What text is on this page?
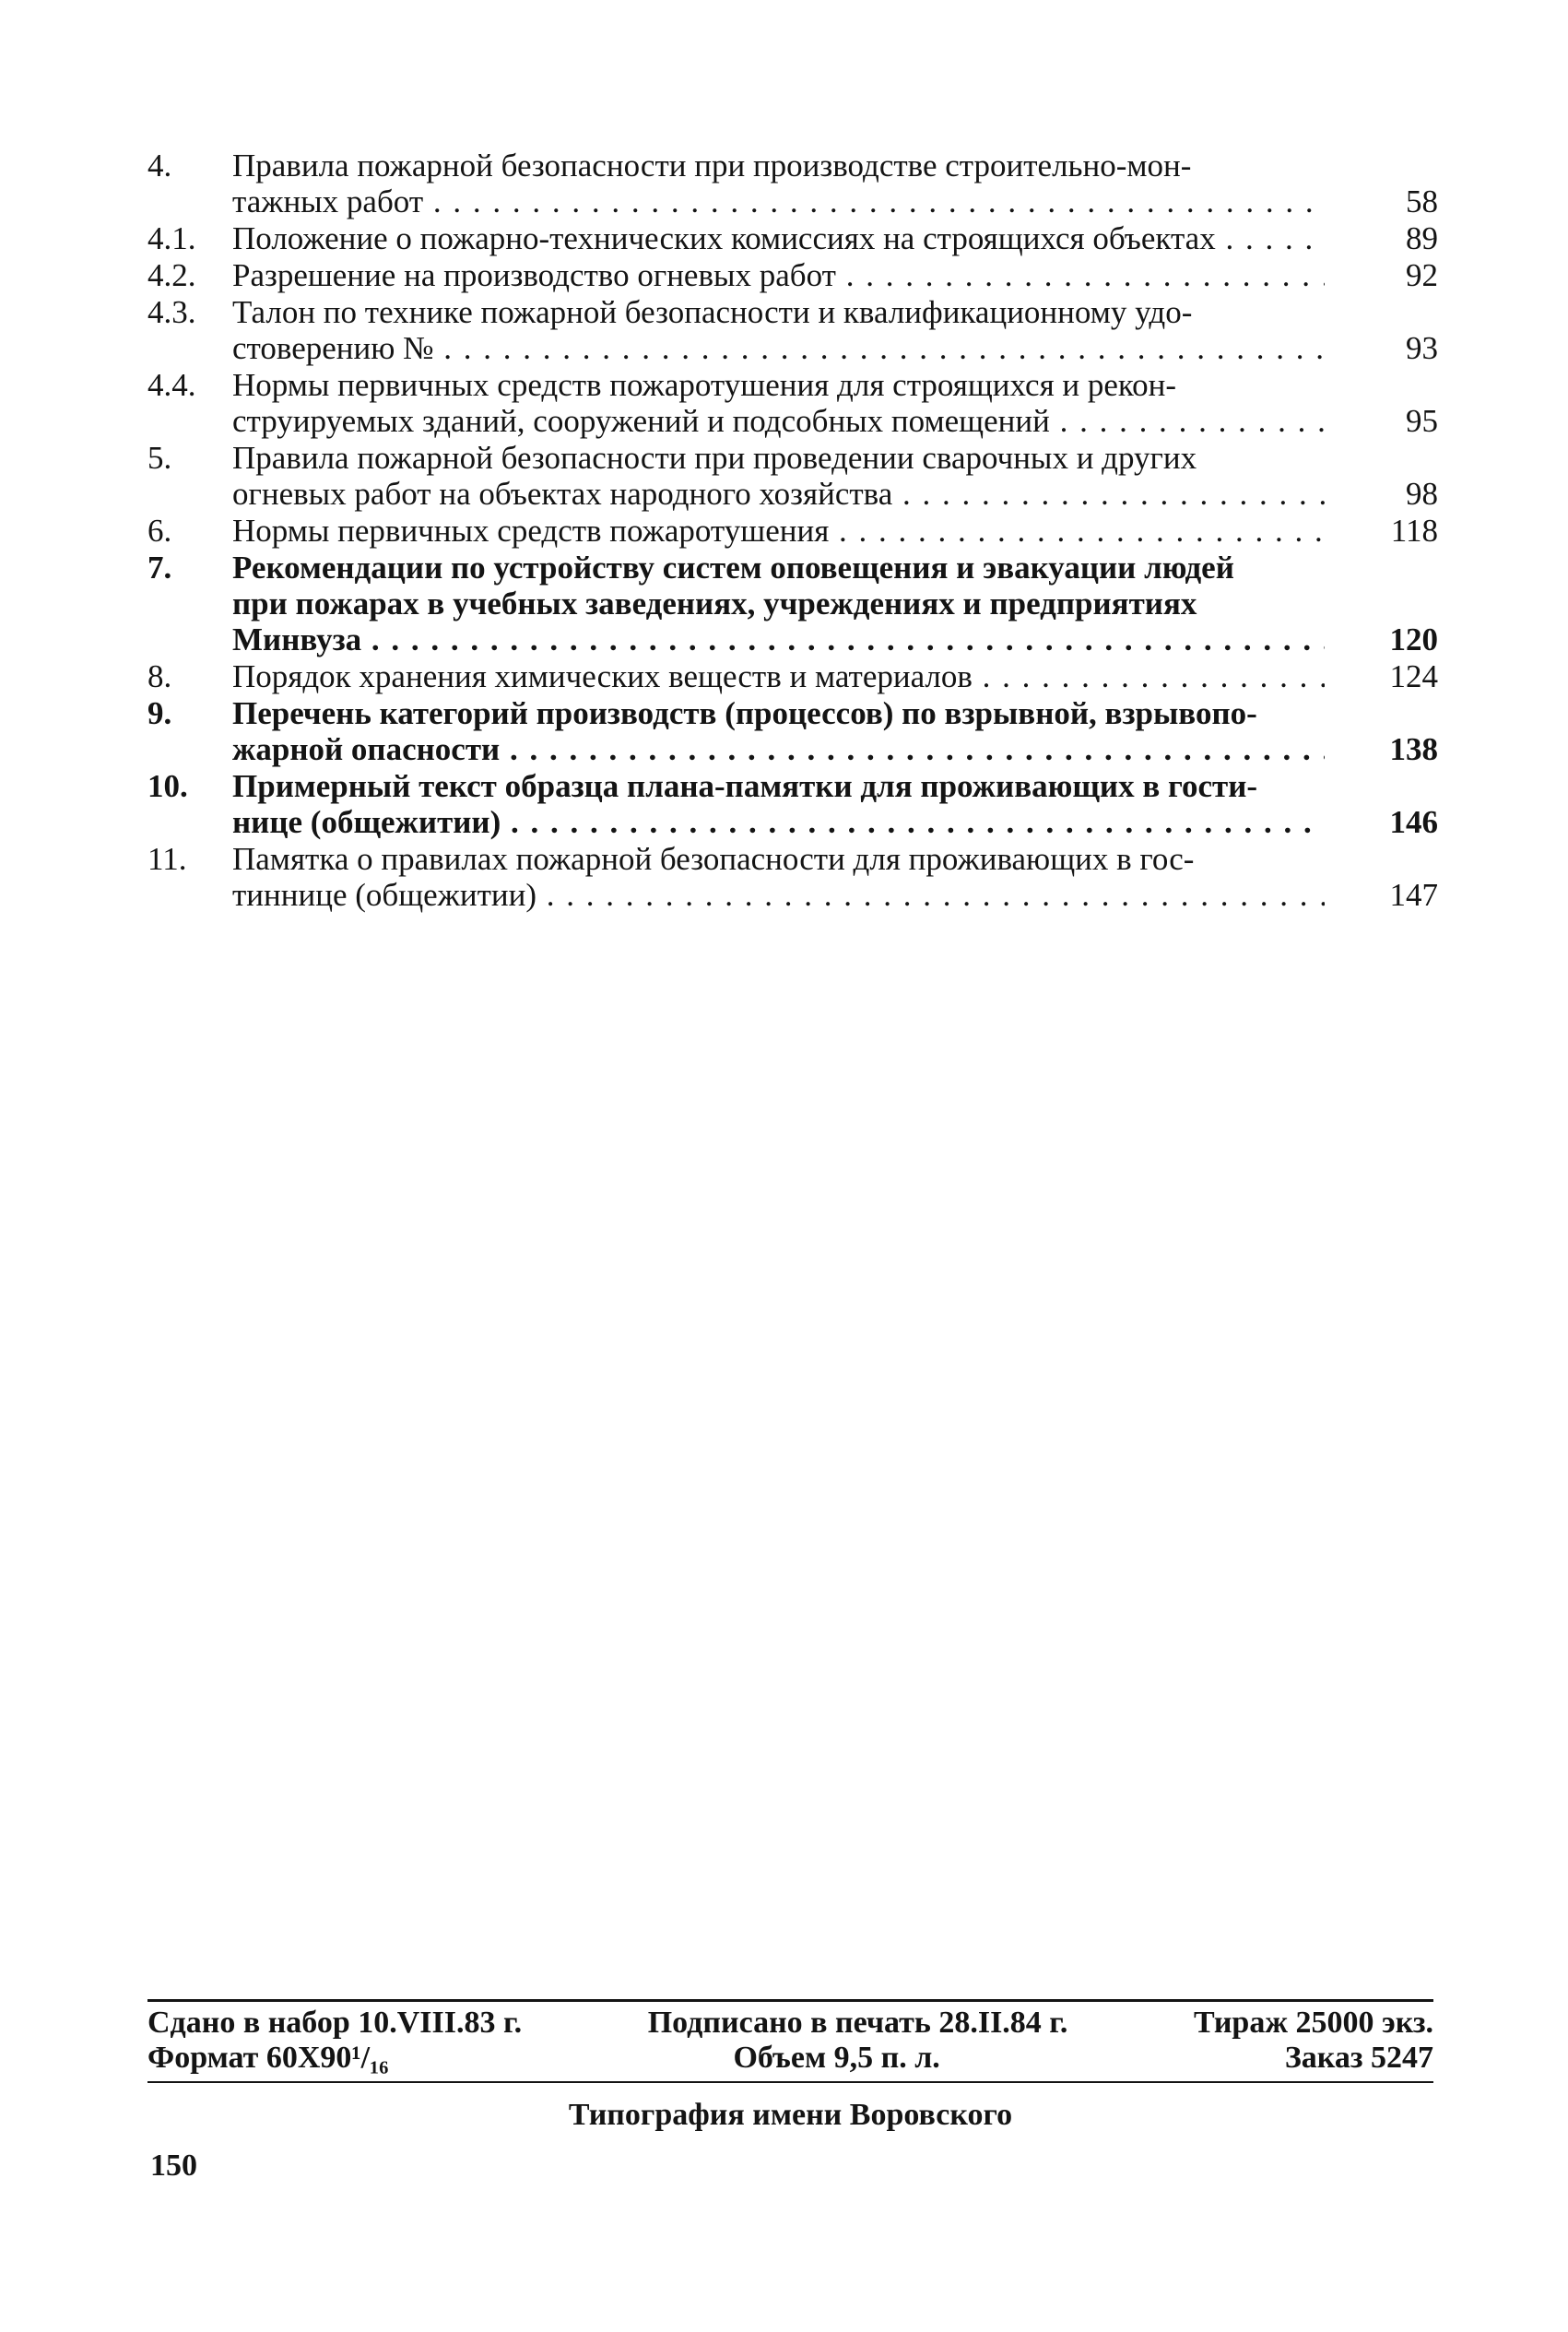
4.	Правила пожарной безопасности при производстве строительно-мон-
тажных работ . .	58
4.1.	Положение о пожарно-технических комиссиях на строящихся объектах . .	89
4.2.	Разрешение на производство огневых работ . .	92
4.3.	Талон по технике пожарной безопасности и квалификационному удо-
стоверению № . .	93
4.4.	Нормы первичных средств пожаротушения для строящихся и рекон-
струируемых зданий, сооружений и подсобных помещений . .	95
5.	Правила пожарной безопасности при проведении сварочных и других
огневых работ на объектах народного хозяйства . .	98
6.	Нормы первичных средств пожаротушения . .	118
7.	Рекомендации по устройству систем оповещения и эвакуации людей
при пожарах в учебных заведениях, учреждениях и предприятиях
Минвуза . .	120
8.	Порядок хранения химических веществ и материалов . .	124
9.	Перечень категорий производств (процессов) по взрывной, взрывопо-
жарной опасности . .	138
10.	Примерный текст образца плана-памятки для проживающих в гости-
нице (общежитии) . .	146
11.	Памятка о правилах пожарной безопасности для проживающих в гос-
тиннице (общежитии) . .	147
Сдано в набор 10.VIII.83 г.	Подписано в печать 28.II.84 г.	Тираж 25000 экз.
Формат 60Х90¹/₁₆	Объем 9,5 п. л.	Заказ 5247
Типография имени Воровского
150
